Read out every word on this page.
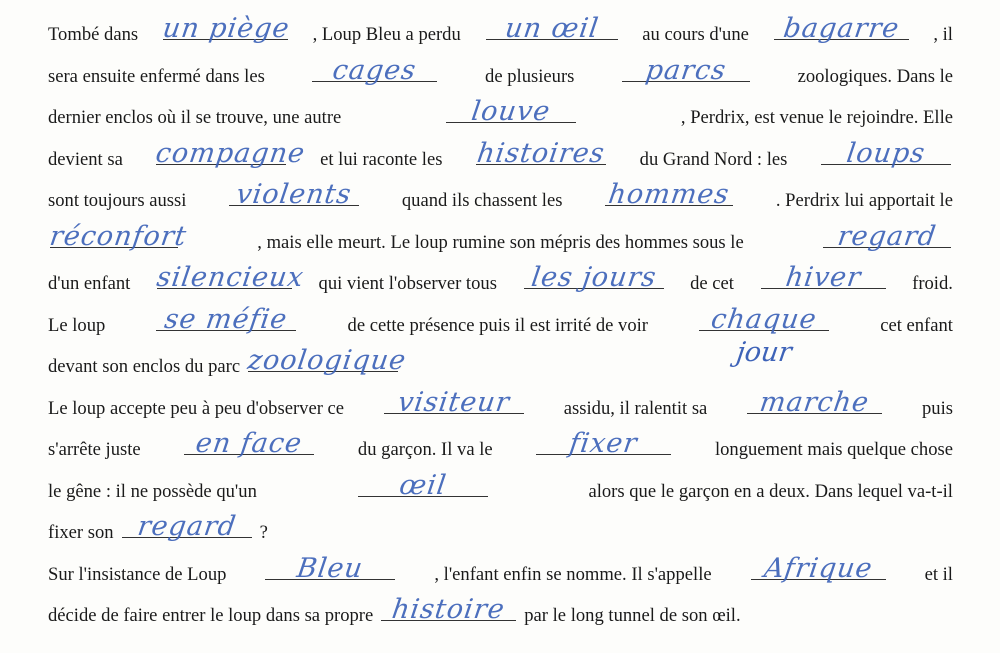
Tombé dans un piège , Loup Bleu a perdu	un œil	au cours d'une	bagarre	, il
sera ensuite enfermé dans les	cages	de plusieurs	parcs	zoologiques. Dans le
dernier enclos où il se trouve, une autre	louve	, Perdrix, est venue le rejoindre. Elle
devient sa compagne et lui raconte les histoires du Grand Nord : les	loups
sont toujours aussi violents	quand ils chassent les hommes . Perdrix lui apportait le
réconfort	, mais elle meurt. Le loup rumine son mépris des hommes sous le	regard
d'un enfant silencieux qui vient l'observer tous les jours	de cet	hiver	froid.
Le loup	se méfie	de cette présence puis il est irrité de voir	chaque
jour
cet enfant
devant son enclos du parc zoologique
Le loup accepte peu à peu d'observer ce	visiteur	assidu, il ralentit sa	marche	puis
s'arrête juste	en face	du garçon. Il va le	fixer	longuement mais quelque chose
le gêne : il ne possède qu'un	œil	alors que le garçon en a deux. Dans lequel va-t-il
fixer son regard	?
Sur l'insistance de Loup	Bleu	, l'enfant enfin se nomme. Il s'appelle	Afrique	et il
décide de faire entrer le loup dans sa propre histoire par le long tunnel de son œil.
